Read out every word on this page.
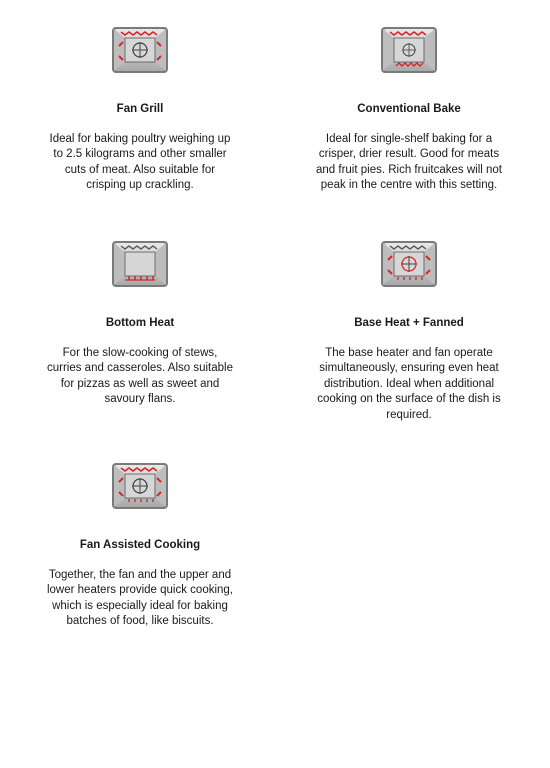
Fan Grill
Ideal for baking poultry weighing up to 2.5 kilograms and other smaller cuts of meat. Also suitable for crisping up crackling.
Conventional Bake
Ideal for single-shelf baking for a crisper, drier result. Good for meats and fruit pies. Rich fruitcakes will not peak in the centre with this setting.
Bottom Heat
For the slow-cooking of stews, curries and casseroles. Also suitable for pizzas as well as sweet and savoury flans.
Base Heat + Fanned
The base heater and fan operate simultaneously, ensuring even heat distribution. Ideal when additional cooking on the surface of the dish is required.
Fan Assisted Cooking
Together, the fan and the upper and lower heaters provide quick cooking, which is especially ideal for baking batches of food, like biscuits.
